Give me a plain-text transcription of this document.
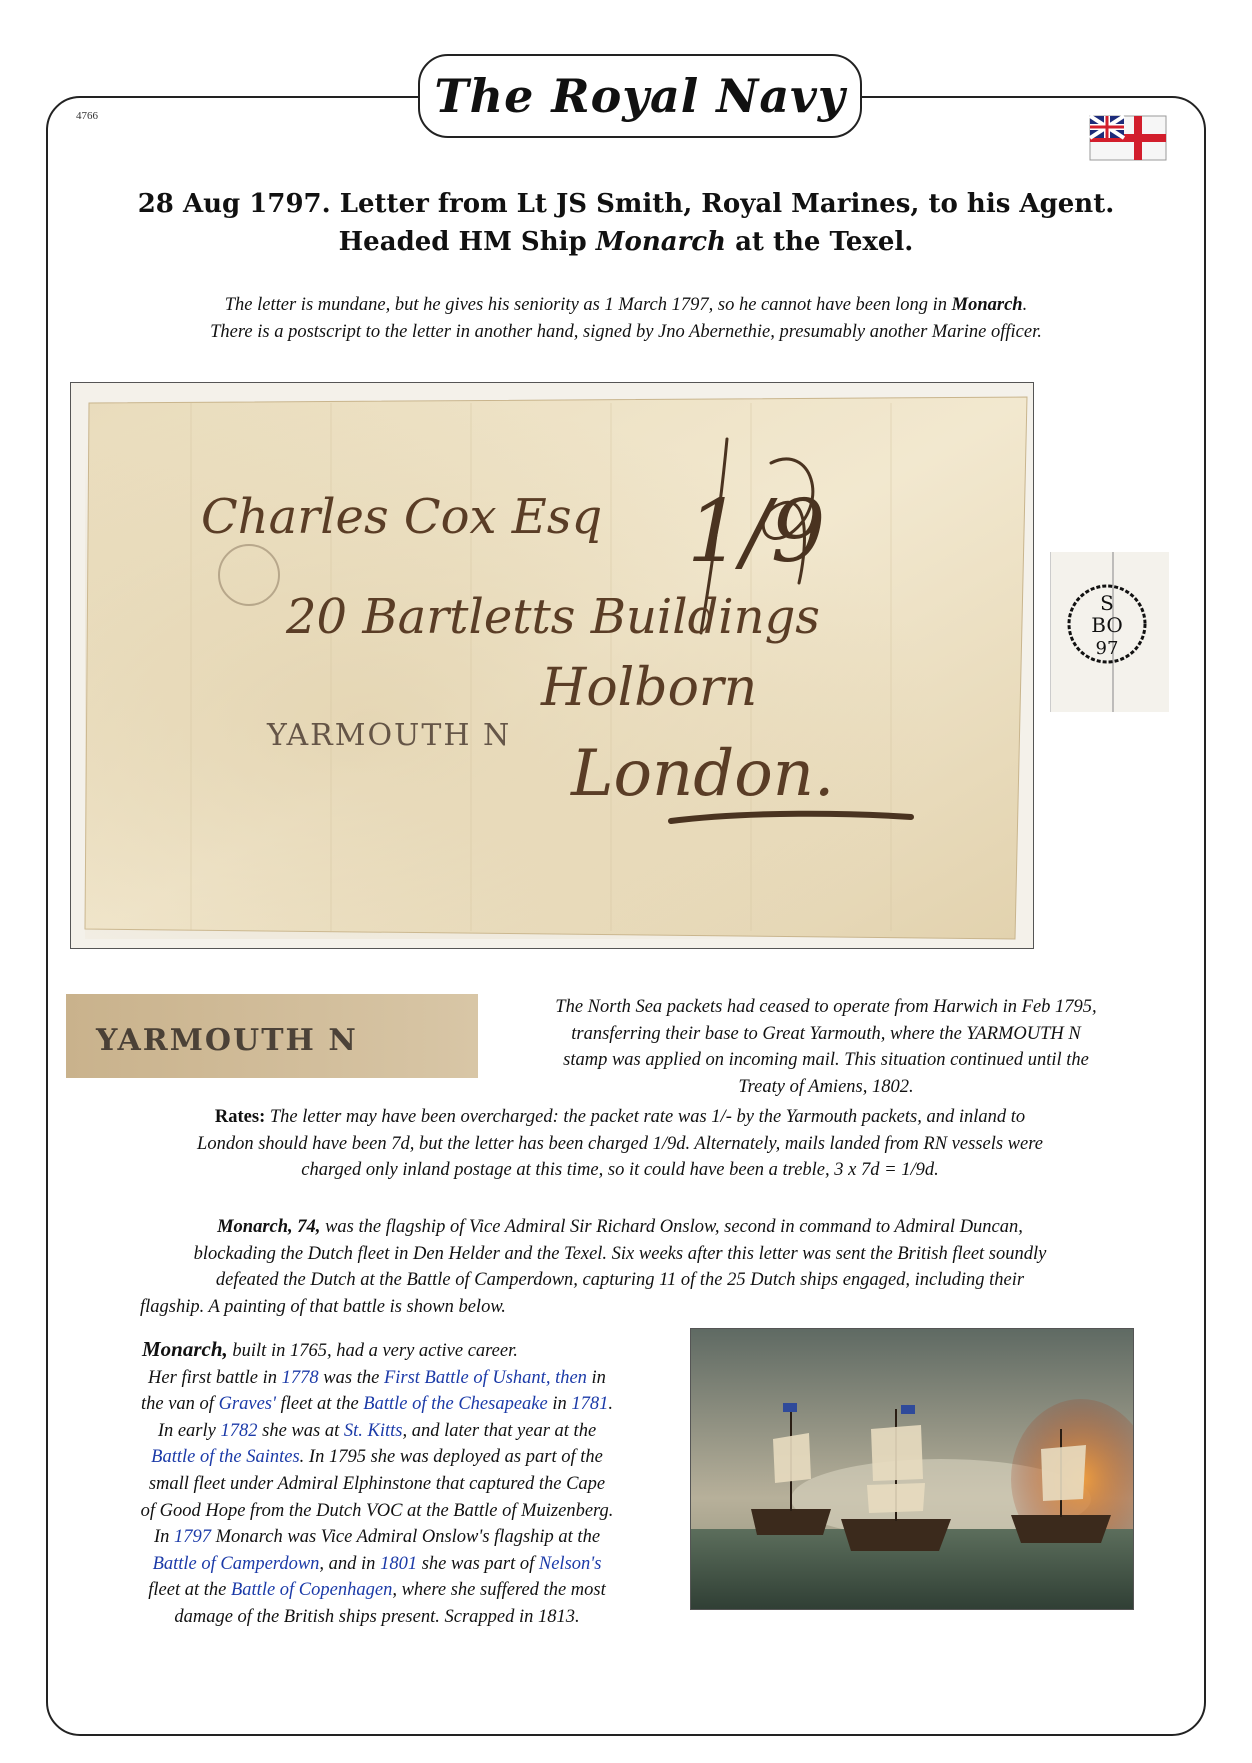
The Royal Navy
4766
28 Aug 1797. Letter from Lt JS Smith, Royal Marines, to his Agent.
Headed HM Ship Monarch at the Texel.
The letter is mundane, but he gives his seniority as 1 March 1797, so he cannot have been long in Monarch.
There is a postscript to the letter in another hand, signed by Jno Abernethie, presumably another Marine officer.
1/9
Charles Cox Esq
20 Bartletts Buildings
Holborn
London.
YARMOUTH N
S
BO
97
YARMOUTH N
The North Sea packets had ceased to operate from Harwich in Feb 1795,
transferring their base to Great Yarmouth, where the YARMOUTH N
stamp was applied on incoming mail. This situation continued until the
Treaty of Amiens, 1802.
Rates: The letter may have been overcharged: the packet rate was 1/- by the Yarmouth packets, and inland to
London should have been 7d, but the letter has been charged 1/9d. Alternately, mails landed from RN vessels were
charged only inland postage at this time, so it could have been a treble, 3 x 7d = 1/9d.
Monarch, 74, was the flagship of Vice Admiral Sir Richard Onslow, second in command to Admiral Duncan,
blockading the Dutch fleet in Den Helder and the Texel. Six weeks after this letter was sent the British fleet soundly
defeated the Dutch at the Battle of Camperdown, capturing 11 of the 25 Dutch ships engaged, including their
flagship. A painting of that battle is shown below.
Monarch, built in 1765, had a very active career.
Her first battle in 1778 was the First Battle of Ushant, then in
the van of Graves' fleet at the Battle of the Chesapeake in 1781.
In early 1782 she was at St. Kitts, and later that year at the
Battle of the Saintes. In 1795 she was deployed as part of the
small fleet under Admiral Elphinstone that captured the Cape
of Good Hope from the Dutch VOC at the Battle of Muizenberg.
In 1797 Monarch was Vice Admiral Onslow's flagship at the
Battle of Camperdown, and in 1801 she was part of Nelson's
fleet at the Battle of Copenhagen, where she suffered the most
damage of the British ships present. Scrapped in 1813.
